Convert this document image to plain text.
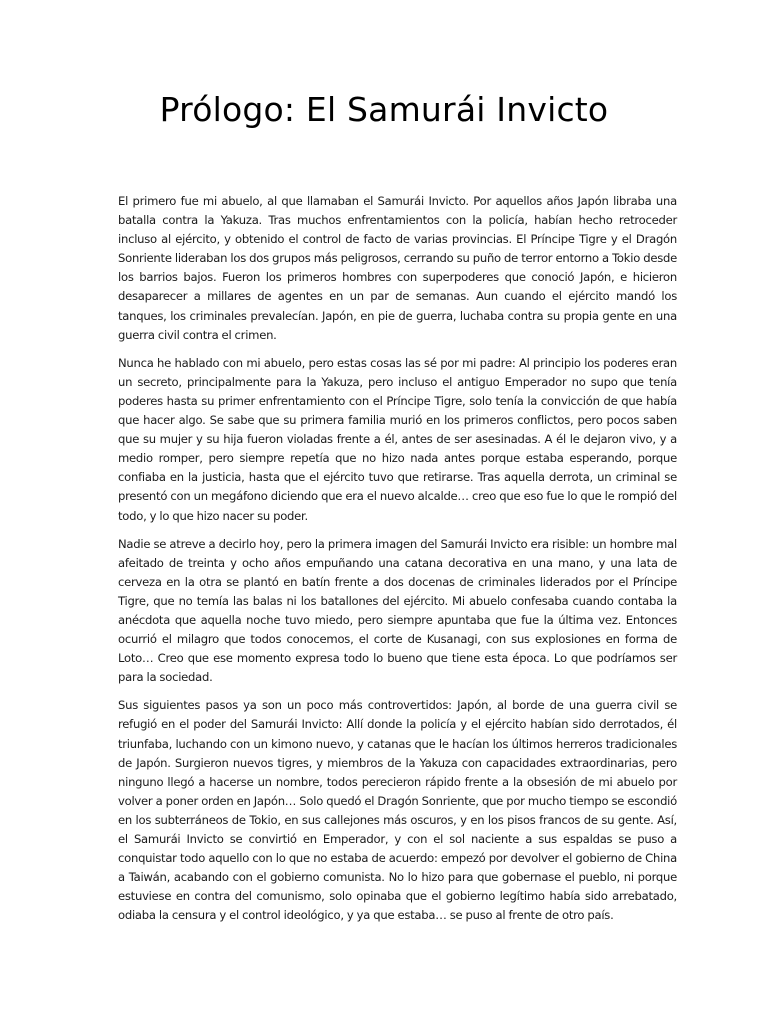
Prólogo: El Samurái Invicto

El primero fue mi abuelo, al que llamaban el Samurái Invicto. Por aquellos años Japón libraba una batalla contra la Yakuza. Tras muchos enfrentamientos con la policía, habían hecho retroceder incluso al ejército, y obtenido el control de facto de varias provincias. El Príncipe Tigre y el Dragón Sonriente lideraban los dos grupos más peligrosos, cerrando su puño de terror entorno a Tokio desde los barrios bajos. Fueron los primeros hombres con superpoderes que conoció Japón, e hicieron desaparecer a millares de agentes en un par de semanas. Aun cuando el ejército mandó los tanques, los criminales prevalecían. Japón, en pie de guerra, luchaba contra su propia gente en una guerra civil contra el crimen.

Nunca he hablado con mi abuelo, pero estas cosas las sé por mi padre: Al principio los poderes eran un secreto, principalmente para la Yakuza, pero incluso el antiguo Emperador no supo que tenía poderes hasta su primer enfrentamiento con el Príncipe Tigre, solo tenía la convicción de que había que hacer algo. Se sabe que su primera familia murió en los primeros conflictos, pero pocos saben que su mujer y su hija fueron violadas frente a él, antes de ser asesinadas. A él le dejaron vivo, y a medio romper, pero siempre repetía que no hizo nada antes porque estaba esperando, porque confiaba en la justicia, hasta que el ejército tuvo que retirarse. Tras aquella derrota, un criminal se presentó con un megáfono diciendo que era el nuevo alcalde… creo que eso fue lo que le rompió del todo, y lo que hizo nacer su poder.

Nadie se atreve a decirlo hoy, pero la primera imagen del Samurái Invicto era risible: un hombre mal afeitado de treinta y ocho años empuñando una catana decorativa en una mano, y una lata de cerveza en la otra se plantó en batín frente a dos docenas de criminales liderados por el Príncipe Tigre, que no temía las balas ni los batallones del ejército. Mi abuelo confesaba cuando contaba la anécdota que aquella noche tuvo miedo, pero siempre apuntaba que fue la última vez. Entonces ocurrió el milagro que todos conocemos, el corte de Kusanagi, con sus explosiones en forma de Loto… Creo que ese momento expresa todo lo bueno que tiene esta época. Lo que podríamos ser para la sociedad.

Sus siguientes pasos ya son un poco más controvertidos: Japón, al borde de una guerra civil se refugió en el poder del Samurái Invicto: Allí donde la policía y el ejército habían sido derrotados, él triunfaba, luchando con un kimono nuevo, y catanas que le hacían los últimos herreros tradicionales de Japón. Surgieron nuevos tigres, y miembros de la Yakuza con capacidades extraordinarias, pero ninguno llegó a hacerse un nombre, todos perecieron rápido frente a la obsesión de mi abuelo por volver a poner orden en Japón… Solo quedó el Dragón Sonriente, que por mucho tiempo se escondió en los subterráneos de Tokio, en sus callejones más oscuros, y en los pisos francos de su gente. Así, el Samurái Invicto se convirtió en Emperador, y con el sol naciente a sus espaldas se puso a conquistar todo aquello con lo que no estaba de acuerdo: empezó por devolver el gobierno de China a Taiwán, acabando con el gobierno comunista. No lo hizo para que gobernase el pueblo, ni porque estuviese en contra del comunismo, solo opinaba que el gobierno legítimo había sido arrebatado, odiaba la censura y el control ideológico, y ya que estaba… se puso al frente de otro país.
